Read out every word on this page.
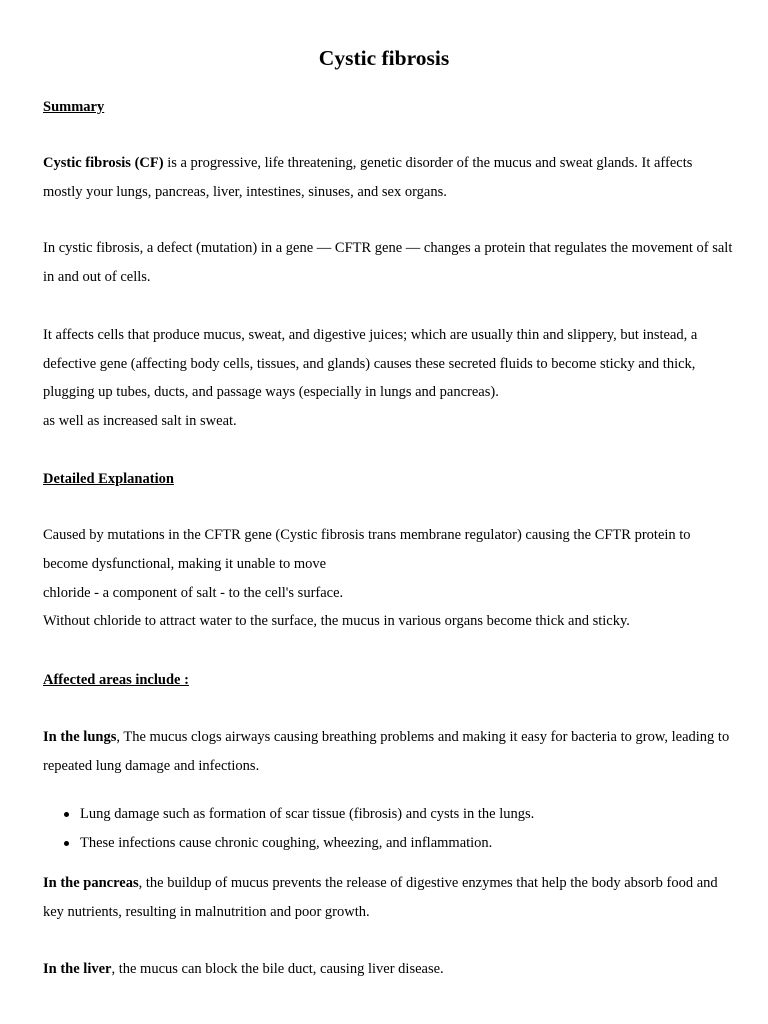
Cystic fibrosis
Summary

Cystic fibrosis (CF) is a progressive, life threatening, genetic disorder of the mucus and sweat glands. It affects mostly your lungs, pancreas, liver, intestines, sinuses, and sex organs.

In cystic fibrosis, a defect (mutation) in a gene — CFTR gene — changes a protein that regulates the movement of salt in and out of cells.

It affects cells that produce mucus, sweat, and digestive juices; which are usually thin and slippery, but instead, a defective gene (affecting body cells, tissues, and glands) causes these secreted fluids to become sticky and thick, plugging up tubes, ducts, and passage ways (especially in lungs and pancreas).

as well as increased salt in sweat.

Detailed Explanation

Caused by mutations in the CFTR gene (Cystic fibrosis trans membrane regulator) causing the CFTR protein to become dysfunctional, making it unable to move

chloride - a component of salt - to the cell's surface.

Without chloride to attract water to the surface, the mucus in various organs become thick and sticky.

Affected areas include :

In the lungs, The mucus clogs airways causing breathing problems and making it easy for bacteria to grow, leading to repeated lung damage and infections.

Lung damage such as formation of scar tissue (fibrosis) and cysts in the lungs.
These infections cause chronic coughing, wheezing, and inflammation.

In the pancreas, the buildup of mucus prevents the release of digestive enzymes that help the body absorb food and key nutrients, resulting in malnutrition and poor growth.

In the liver, the mucus can block the bile duct, causing liver disease.
